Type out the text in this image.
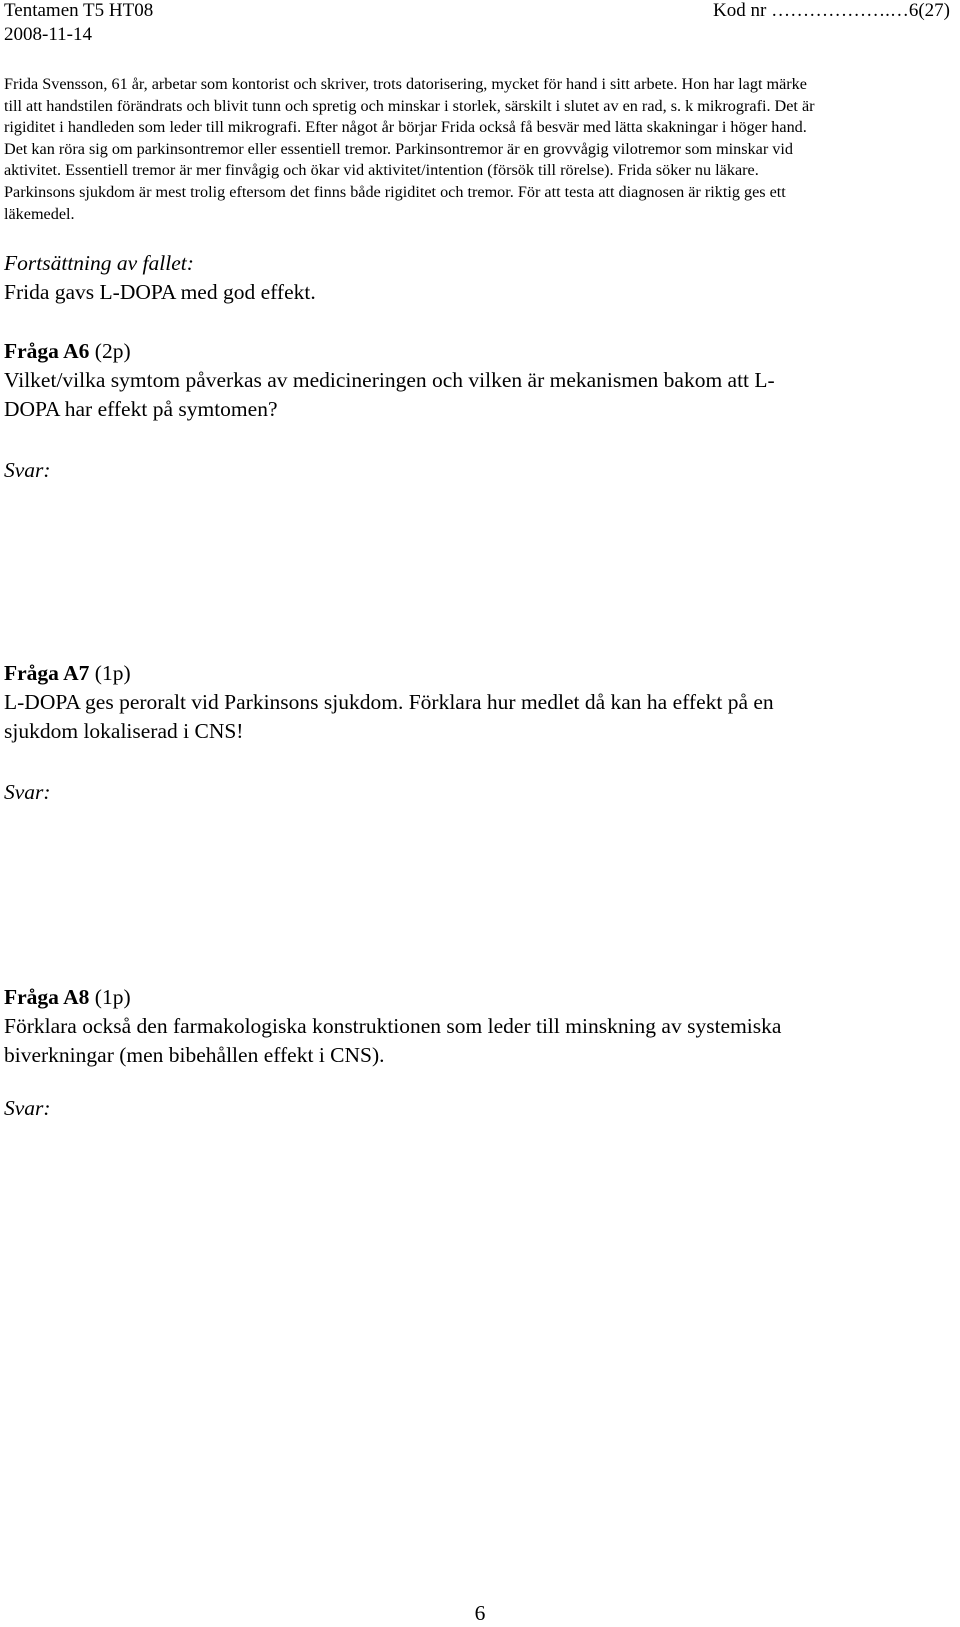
Tentamen T5 HT08
2008-11-14
Kod nr ……………….…6(27)
Frida Svensson, 61 år, arbetar som kontorist och skriver, trots datorisering, mycket för hand i sitt arbete. Hon har lagt märke
till att handstilen förändrats och blivit tunn och spretig och minskar i storlek, särskilt i slutet av en rad, s. k mikrografi. Det är
rigiditet i handleden som leder till mikrografi. Efter något år börjar Frida också få besvär med lätta skakningar i höger hand.
Det kan röra sig om parkinsontremor eller essentiell tremor. Parkinsontremor är en grovvågig vilotremor som minskar vid
aktivitet. Essentiell tremor är mer finvågig och ökar vid aktivitet/intention (försök till rörelse). Frida söker nu läkare.
Parkinsons sjukdom är mest trolig eftersom det finns både rigiditet och tremor. För att testa att diagnosen är riktig ges ett
läkemedel.
Fortsättning av fallet:
Frida gavs L-DOPA med god effekt.
Fråga A6 (2p)
Vilket/vilka symtom påverkas av medicineringen och vilken är mekanismen bakom att L-
DOPA har effekt på symtomen?
Svar:
Fråga A7 (1p)
L-DOPA ges peroralt vid Parkinsons sjukdom. Förklara hur medlet då kan ha effekt på en
sjukdom lokaliserad i CNS!
Svar:
Fråga A8 (1p)
Förklara också den farmakologiska konstruktionen som leder till minskning av systemiska
biverkningar (men bibehållen effekt i CNS).
Svar:
6
